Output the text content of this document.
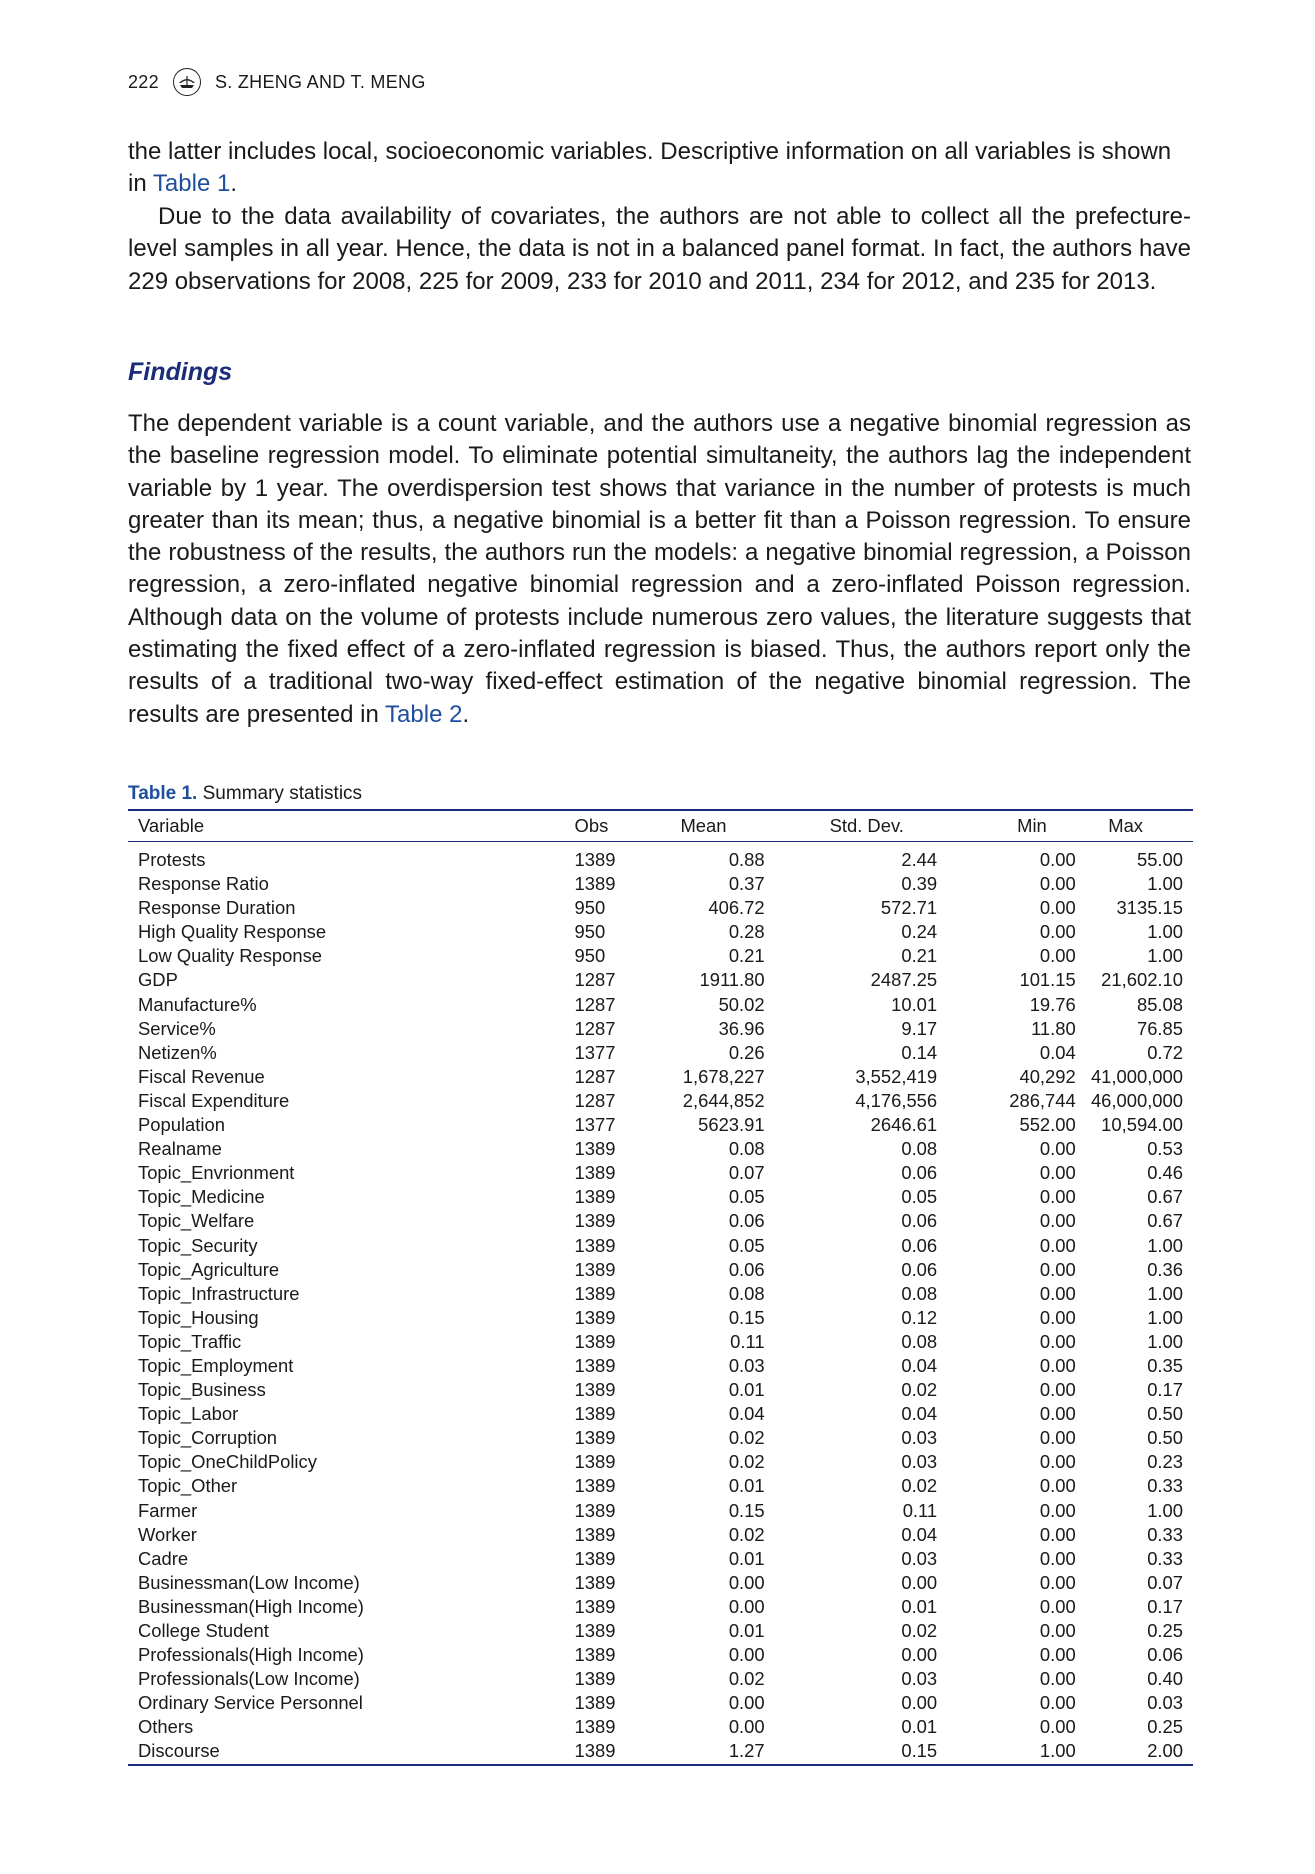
222	S. ZHENG AND T. MENG

the latter includes local, socioeconomic variables. Descriptive information on all variables is shown in Table 1.

Due to the data availability of covariates, the authors are not able to collect all the prefecture-level samples in all year. Hence, the data is not in a balanced panel format. In fact, the authors have 229 observations for 2008, 225 for 2009, 233 for 2010 and 2011, 234 for 2012, and 235 for 2013.

Findings

The dependent variable is a count variable, and the authors use a negative binomial regression as the baseline regression model. To eliminate potential simultaneity, the authors lag the independent variable by 1 year. The overdispersion test shows that variance in the number of protests is much greater than its mean; thus, a negative binomial is a better fit than a Poisson regression. To ensure the robustness of the results, the authors run the models: a negative binomial regression, a Poisson regression, a zero-inflated negative binomial regression and a zero-inflated Poisson regression. Although data on the volume of protests include numerous zero values, the literature suggests that estimating the fixed effect of a zero-inflated regression is biased. Thus, the authors report only the results of a traditional two-way fixed-effect estimation of the negative binomial regression. The results are presented in Table 2.

Table 1. Summary statistics
Variable	Obs	Mean	Std. Dev.	Min	Max
Protests	1389	0.88	2.44	0.00	55.00
Response Ratio	1389	0.37	0.39	0.00	1.00
Response Duration	950	406.72	572.71	0.00	3135.15
High Quality Response	950	0.28	0.24	0.00	1.00
Low Quality Response	950	0.21	0.21	0.00	1.00
GDP	1287	1911.80	2487.25	101.15	21,602.10
Manufacture%	1287	50.02	10.01	19.76	85.08
Service%	1287	36.96	9.17	11.80	76.85
Netizen%	1377	0.26	0.14	0.04	0.72
Fiscal Revenue	1287	1,678,227	3,552,419	40,292	41,000,000
Fiscal Expenditure	1287	2,644,852	4,176,556	286,744	46,000,000
Population	1377	5623.91	2646.61	552.00	10,594.00
Realname	1389	0.08	0.08	0.00	0.53
Topic_Envrionment	1389	0.07	0.06	0.00	0.46
Topic_Medicine	1389	0.05	0.05	0.00	0.67
Topic_Welfare	1389	0.06	0.06	0.00	0.67
Topic_Security	1389	0.05	0.06	0.00	1.00
Topic_Agriculture	1389	0.06	0.06	0.00	0.36
Topic_Infrastructure	1389	0.08	0.08	0.00	1.00
Topic_Housing	1389	0.15	0.12	0.00	1.00
Topic_Traffic	1389	0.11	0.08	0.00	1.00
Topic_Employment	1389	0.03	0.04	0.00	0.35
Topic_Business	1389	0.01	0.02	0.00	0.17
Topic_Labor	1389	0.04	0.04	0.00	0.50
Topic_Corruption	1389	0.02	0.03	0.00	0.50
Topic_OneChildPolicy	1389	0.02	0.03	0.00	0.23
Topic_Other	1389	0.01	0.02	0.00	0.33
Farmer	1389	0.15	0.11	0.00	1.00
Worker	1389	0.02	0.04	0.00	0.33
Cadre	1389	0.01	0.03	0.00	0.33
Businessman(Low Income)	1389	0.00	0.00	0.00	0.07
Businessman(High Income)	1389	0.00	0.01	0.00	0.17
College Student	1389	0.01	0.02	0.00	0.25
Professionals(High Income)	1389	0.00	0.00	0.00	0.06
Professionals(Low Income)	1389	0.02	0.03	0.00	0.40
Ordinary Service Personnel	1389	0.00	0.00	0.00	0.03
Others	1389	0.00	0.01	0.00	0.25
Discourse	1389	1.27	0.15	1.00	2.00
